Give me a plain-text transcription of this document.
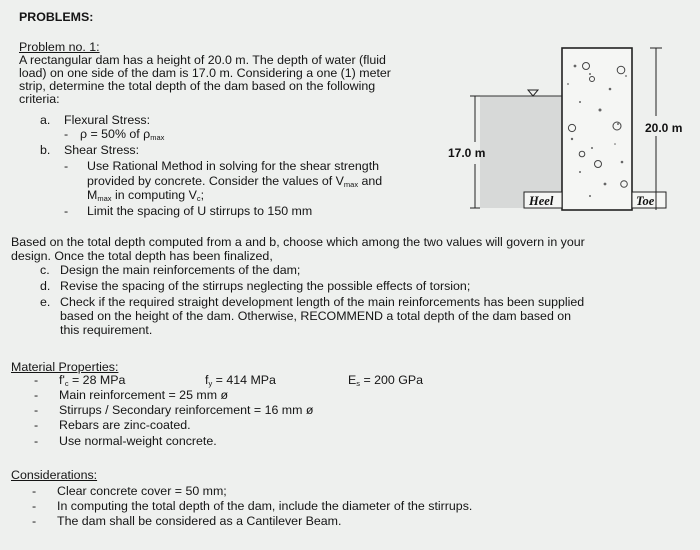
PROBLEMS:
Problem no. 1:
A rectangular dam has a height of 20.0 m. The depth of water (fluid
load) on one side of the dam is 17.0 m. Considering a one (1) meter
strip, determine the total depth of the dam based on the following
criteria:
a. Flexural Stress:
- ρ = 50% of $\rho_{max}$
b. Shear Stress:
- Use Rational Method in solving for the shear strength
provided by concrete. Consider the values of $V_{max}$ and
$M_{max}$ in computing $V_c$;
- Limit the spacing of U stirrups to 150 mm
Based on the total depth computed from a and b, choose which among the two values will govern in your
design. Once the total depth has been finalized,
c. Design the main reinforcements of the dam;
d. Revise the spacing of the stirrups neglecting the possible effects of torsion;
e. Check if the required straight development length of the main reinforcements has been supplied
based on the height of the dam. Otherwise, RECOMMEND a total depth of the dam based on
this requirement.
Material Properties:
- $f'_c = 28$ MPa	$f_y = 414$ MPa	$E_s = 200$ GPa
- Main reinforcement = 25 mm ø
- Stirrups / Secondary reinforcement = 16 mm ø
- Rebars are zinc-coated.
- Use normal-weight concrete.
Considerations:
- Clear concrete cover = 50 mm;
- In computing the total depth of the dam, include the diameter of the stirrups.
- The dam shall be considered as a Cantilever Beam.
Heel	Toe
17.0 m
20.0 m
